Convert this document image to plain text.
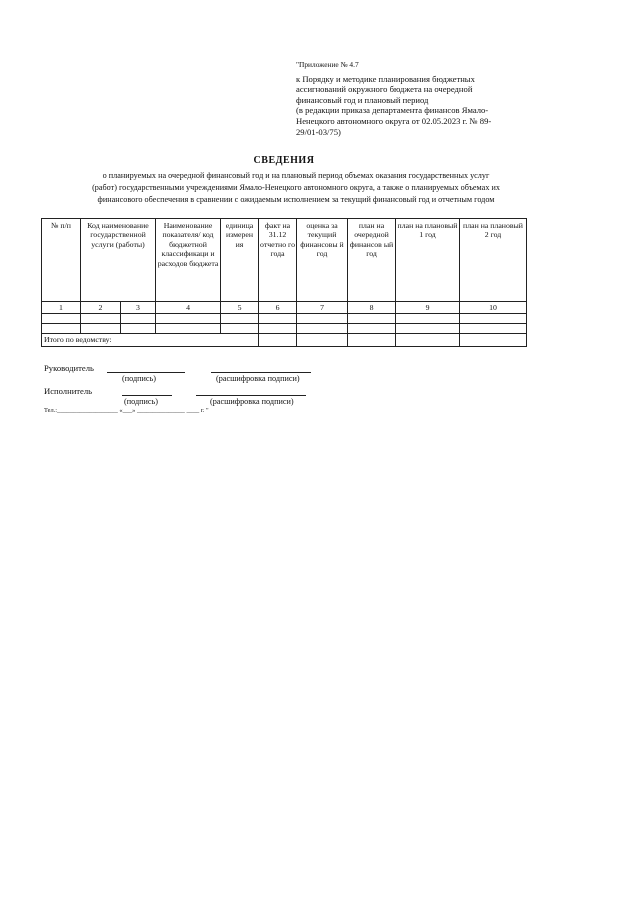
"Приложение № 4.7
к Порядку и методике планирования бюджетных
ассигнований окружного бюджета на очередной
финансовый год и плановый период
(в редакции приказа департамента финансов Ямало-
Ненецкого автономного округа от 02.05.2023 г. № 89-
29/01-03/75)
СВЕДЕНИЯ
о планируемых на очередной финансовый год и на плановый период объемах оказания государственных услуг
(работ) государственными учреждениями Ямало-Ненецкого автономного округа, а также о планируемых объемах их
финансового обеспечения в сравнении с ожидаемым исполнением за текущий финансовый год и отчетным годом
№ п/п	Код наименование государственной услуги (работы)		Наименование показателя/ код бюджетной классификаци и расходов бюджета	единица измерен ия	факт на 31.12 отчетно го года	оценка за текущий финансовы й год	план на очередной финансов ый год	план на плановый 1 год	план на плановый 2 год
1	2	3	4	5	6	7	8	9	10

Итого по ведомству:									
Руководитель
(подпись)	(расшифровка подписи)
Исполнитель
(подпись)	(расшифровка подписи)
Тел.:___________________ «___» _______________ ____ г. "
